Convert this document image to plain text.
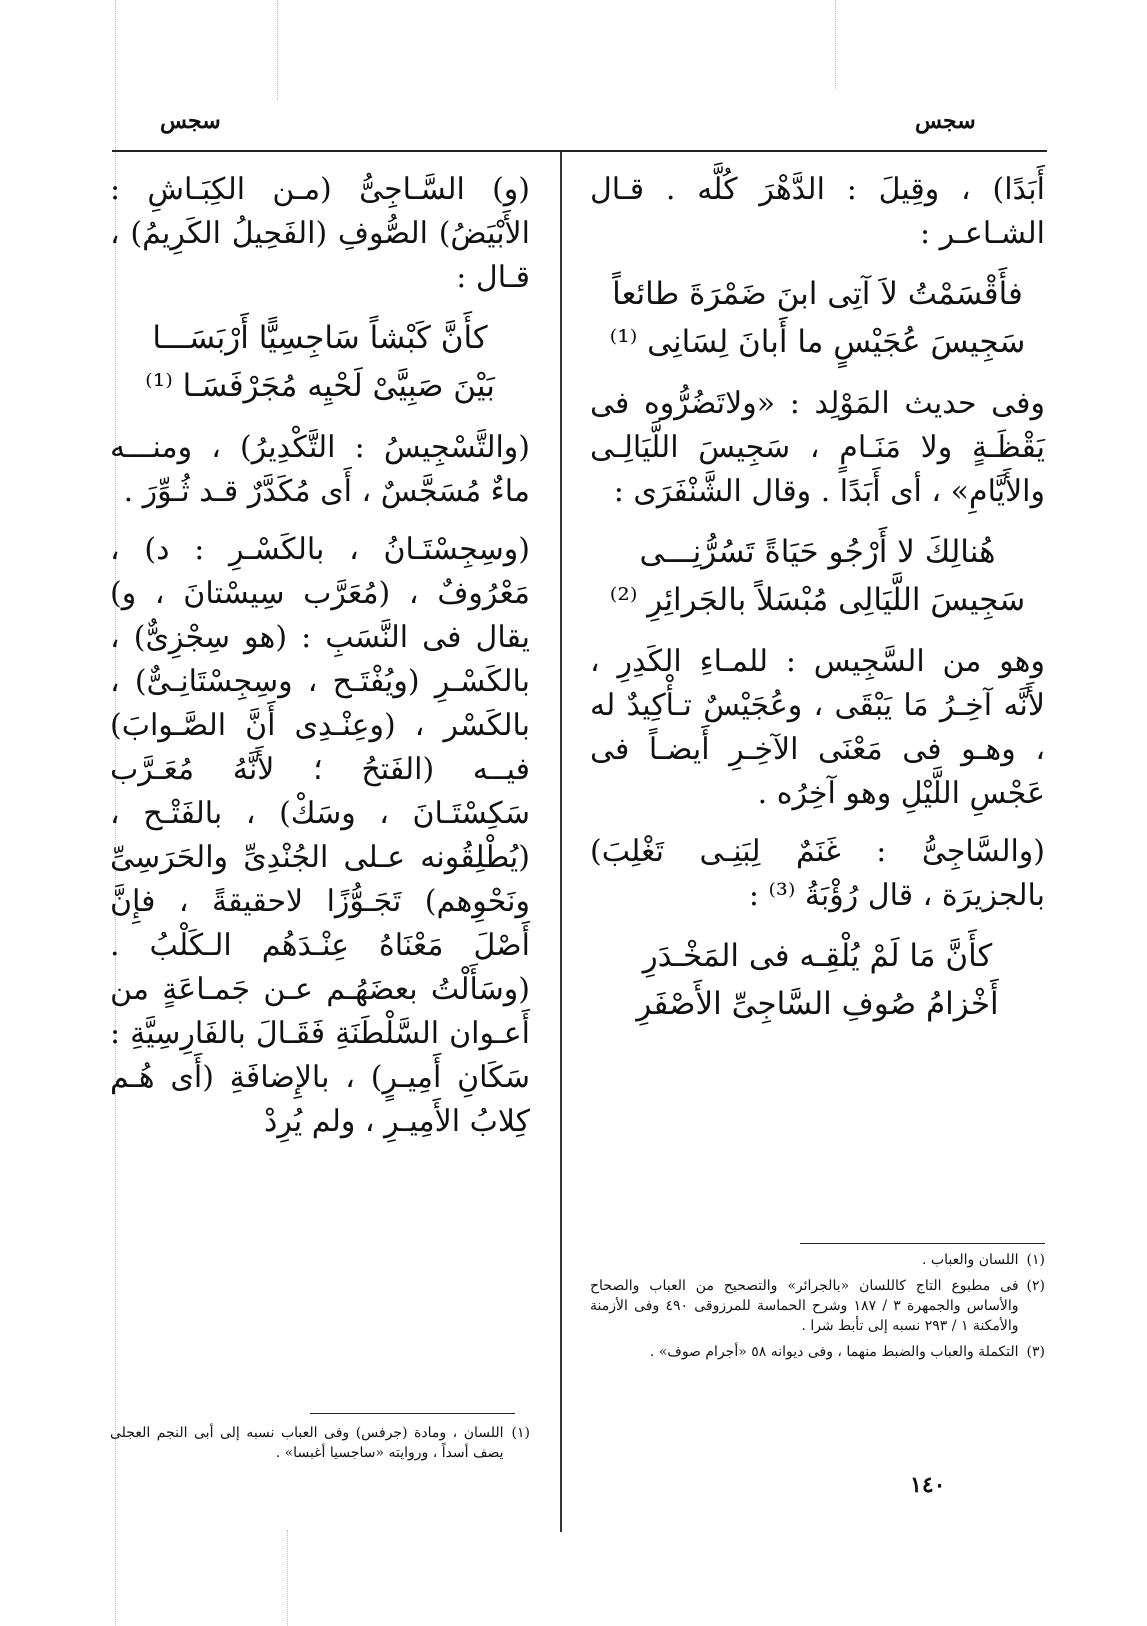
سجس
سجس

أَبَدًا) ، وقِيلَ : الدَّهْرَ كُلَّه . قـال الشـاعـر :

فأَقْسَمْتُ لاَ آتِى ابنَ ضَمْرَةَ طائعاً
سَجِيسَ عُجَيْسٍ ما أَبانَ لِسَانِى ⁽¹⁾

وفى حديث المَوْلِد : «ولاتَضُرُّوه فى يَقْظَـةٍ ولا مَنَـامٍ ، سَجِيسَ اللَّيَالِـى والأَيَّامِ» ، أى أَبَدًا . وقال الشَّنْفَرَى :

هُنالِكَ لا أَرْجُو حَيَاةً تَسُرُّنِـــى
سَجِيسَ اللَّيَالِى مُبْسَلاً بالجَرائِرِ ⁽²⁾

وهو من السَّجِيس : للمـاءِ الكَدِرِ ، لأَنَّه آخِـرُ مَا يَبْقَى ، وعُجَيْسٌ تـأْكِيدٌ له ، وهـو فى مَعْنَى الآخِـرِ أَيضـاً فى عَجْسِ اللَّيْلِ وهو آخِرُه .

(والسَّاجِىُّ : غَنَمٌ لِبَنِـى تَغْلِبَ) بالجزيرَة ، قال رُؤْبَةُ ⁽³⁾ :

كأَنَّ مَا لَمْ يُلْقِـه فى المَخْـدَرِ
أَخْزامُ صُوفِ السَّاجِىِّ الأَصْفَرِ

(و) السَّـاجِىُّ (مـن الكِبَـاشِ : الأَبْيَضُ) الصُّوفِ (الفَحِيلُ الكَرِيمُ) ، قـال :

كأَنَّ كَبْشاً سَاجِسِيًّا أَرْبَسَـــا
بَيْنَ صَبِيَّىْ لَحْيِه مُجَرْفَسَـا ⁽¹⁾

(والتَّسْجِيسُ : التَّكْدِيرُ) ، ومنـــه ماءٌ مُسَجَّسٌ ، أَى مُكَدَّرٌ قـد ثُـوِّرَ .

(وسِجِسْتَـانُ ، بالكَسْـرِ : د) ، مَعْرُوفٌ ، (مُعَرَّب سِيسْتانَ ، و) يقال فى النَّسَبِ : (هو سِجْزِىٌّ) ، بالكَسْـرِ (ويُفْتَـح ، وسِجِسْتَانِـىٌّ) ، بالكَسْر ، (وعِنْـدِى أَنَّ الصَّـوابَ) فيــه (الفَتحُ ؛ لأَنَّهُ مُعَـرَّب سَكِسْتَـانَ ، وسَكْ) ، بالفَتْـح ، (يُطْلِقُونه عـلى الجُنْدِىِّ والحَرَسِىِّ ونَحْوِهم) تَجَـوُّزًا لاحقيقةً ، فإِنَّ أَصْلَ مَعْنَاهُ عِنْـدَهُم الـكَلْبُ . (وسَأَلْتُ بعضَهُـم عـن جَمـاعَةٍ من أَعـوان السَّلْطَنَةِ فَقَـالَ بالفَارِسِيَّةِ : سَكَانِ أَمِيـرٍ) ، بالإِضافَةِ (أَى هُـم كِلابُ الأَمِيـرِ ، ولم يُرِدْ

(١)
اللسان والعباب .
(٢)
فى مطبوع التاج كاللسان «بالجرائر» والتصحيح من العباب والصحاح والأساس والجمهرة ٣ / ١٨٧ وشرح الحماسة للمرزوقى ٤٩٠ وفى الأزمنة والأمكنة ١ / ٢٩٣ نسبه إلى تأبط شرا .
(٣)
التكملة والعباب والضبط منهما ، وفى ديوانه ٥٨ «أجرام صوف» .
(١)
اللسان ، ومادة (جرفس) وفى العباب نسبه إلى أبى النجم العجلى يصف أسداً ، وروايته «ساجسيا أغبسا» .
١٤٠
